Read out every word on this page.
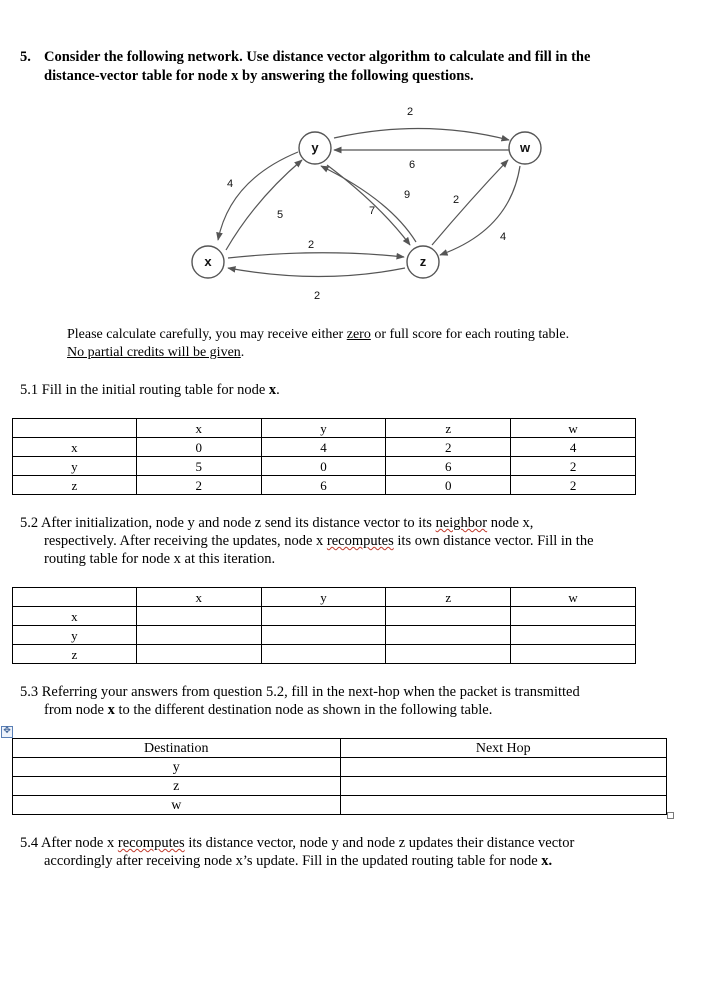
5. Consider the following network. Use distance vector algorithm to calculate and fill in the
distance-vector table for node x by answering the following questions.
y	w
x	z
2
6
9	2
4
4
5	7
2
2
Please calculate carefully, you may receive either zero or full score for each routing table.
No partial credits will be given.
5.1 Fill in the initial routing table for node x.
	x	y	z	w
x	0	4	2	4
y	5	0	6	2
z	2	6	0	2
5.2 After initialization, node y and node z send its distance vector to its neighbor node x,
respectively. After receiving the updates, node x recomputes its own distance vector. Fill in the
routing table for node x at this iteration.
	x	y	z	w
x				
y				
z				
5.3 Referring your answers from question 5.2, fill in the next-hop when the packet is transmitted
from node x to the different destination node as shown in the following table.
✥
Destination	Next Hop
y	
z	
w	
5.4 After node x recomputes its distance vector, node y and node z updates their distance vector
accordingly after receiving node x’s update. Fill in the updated routing table for node x.
